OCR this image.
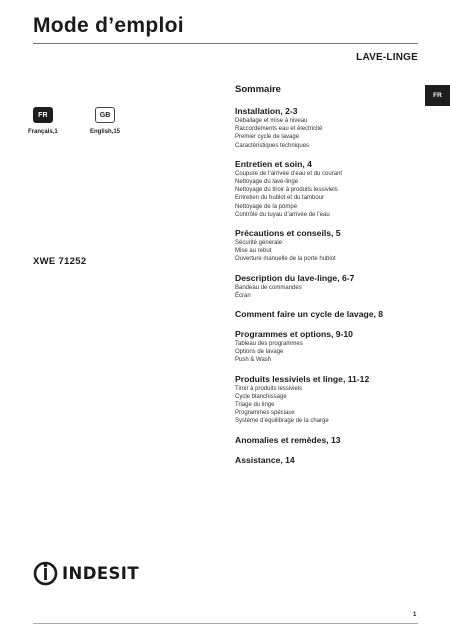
Mode d’emploi
LAVE-LINGE
FR
FR
Français,1
GB
English,15
XWE 71252
Sommaire
Installation, 2-3
Déballage et mise à niveau
Raccordements eau et électricité
Premier cycle de lavage
Caractéristiques techniques
Entretien et soin, 4
Coupure de l’arrivée d’eau et du courant
Nettoyage du lave-linge
Nettoyage du tiroir à produits lessiviels
Entretien du hublot et du tambour
Nettoyage de la pompe
Contrôle du tuyau d’arrivée de l’eau
Précautions et conseils, 5
Sécurité générale
Mise au rebut
Ouverture manuelle de la porte hublot
Description du lave-linge, 6-7
Bandeau de commandes
Écran
Comment faire un cycle de lavage, 8
Programmes et options, 9-10
Tableau des programmes
Options de lavage
Push & Wash
Produits lessiviels et linge, 11-12
Tiroir à produits lessiviels
Cycle blanchissage
Triage du linge
Programmes spéciaux
Système d’équilibrage de la charge
Anomalies et remèdes, 13
Assistance, 14
INDESIT
1
